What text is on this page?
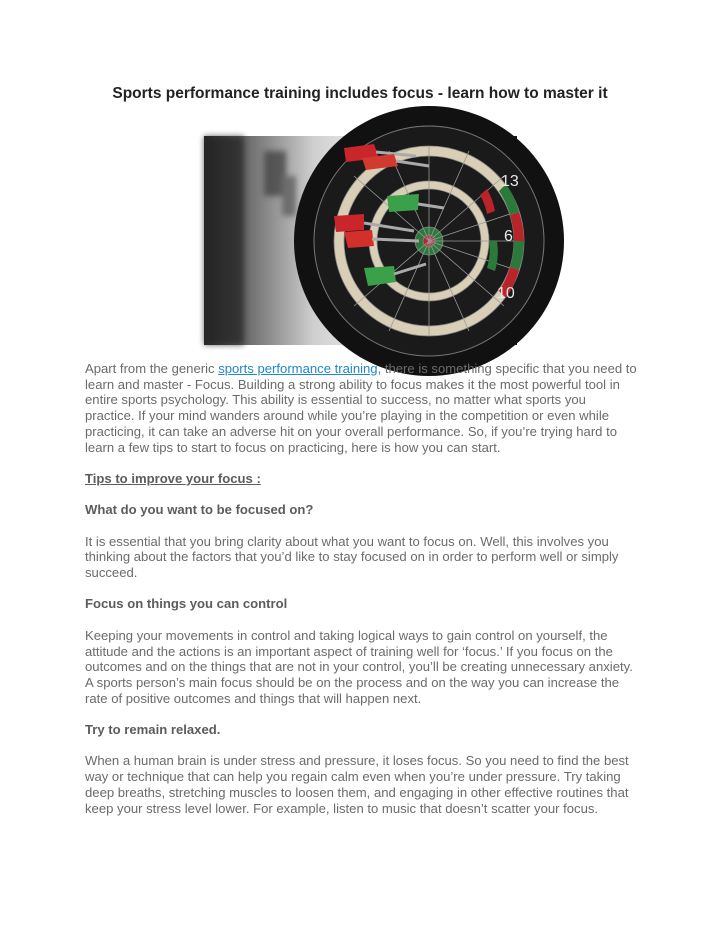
Sports performance training includes focus - learn how to master it
13
6
10

Apart from the generic sports performance training, there is something specific that you need to learn and master - Focus. Building a strong ability to focus makes it the most powerful tool in entire sports psychology. This ability is essential to success, no matter what sports you practice. If your mind wanders around while you’re playing in the competition or even while practicing, it can take an adverse hit on your overall performance. So, if you’re trying hard to learn a few tips to start to focus on practicing, here is how you can start.

Tips to improve your focus :

What do you want to be focused on?

It is essential that you bring clarity about what you want to focus on. Well, this involves you thinking about the factors that you’d like to stay focused on in order to perform well or simply succeed.

Focus on things you can control

Keeping your movements in control and taking logical ways to gain control on yourself, the attitude and the actions is an important aspect of training well for ‘focus.’ If you focus on the outcomes and on the things that are not in your control, you’ll be creating unnecessary anxiety. A sports person’s main focus should be on the process and on the way you can increase the rate of positive outcomes and things that will happen next.

Try to remain relaxed.

When a human brain is under stress and pressure, it loses focus. So you need to find the best way or technique that can help you regain calm even when you’re under pressure. Try taking deep breaths, stretching muscles to loosen them, and engaging in other effective routines that keep your stress level lower. For example, listen to music that doesn’t scatter your focus.
